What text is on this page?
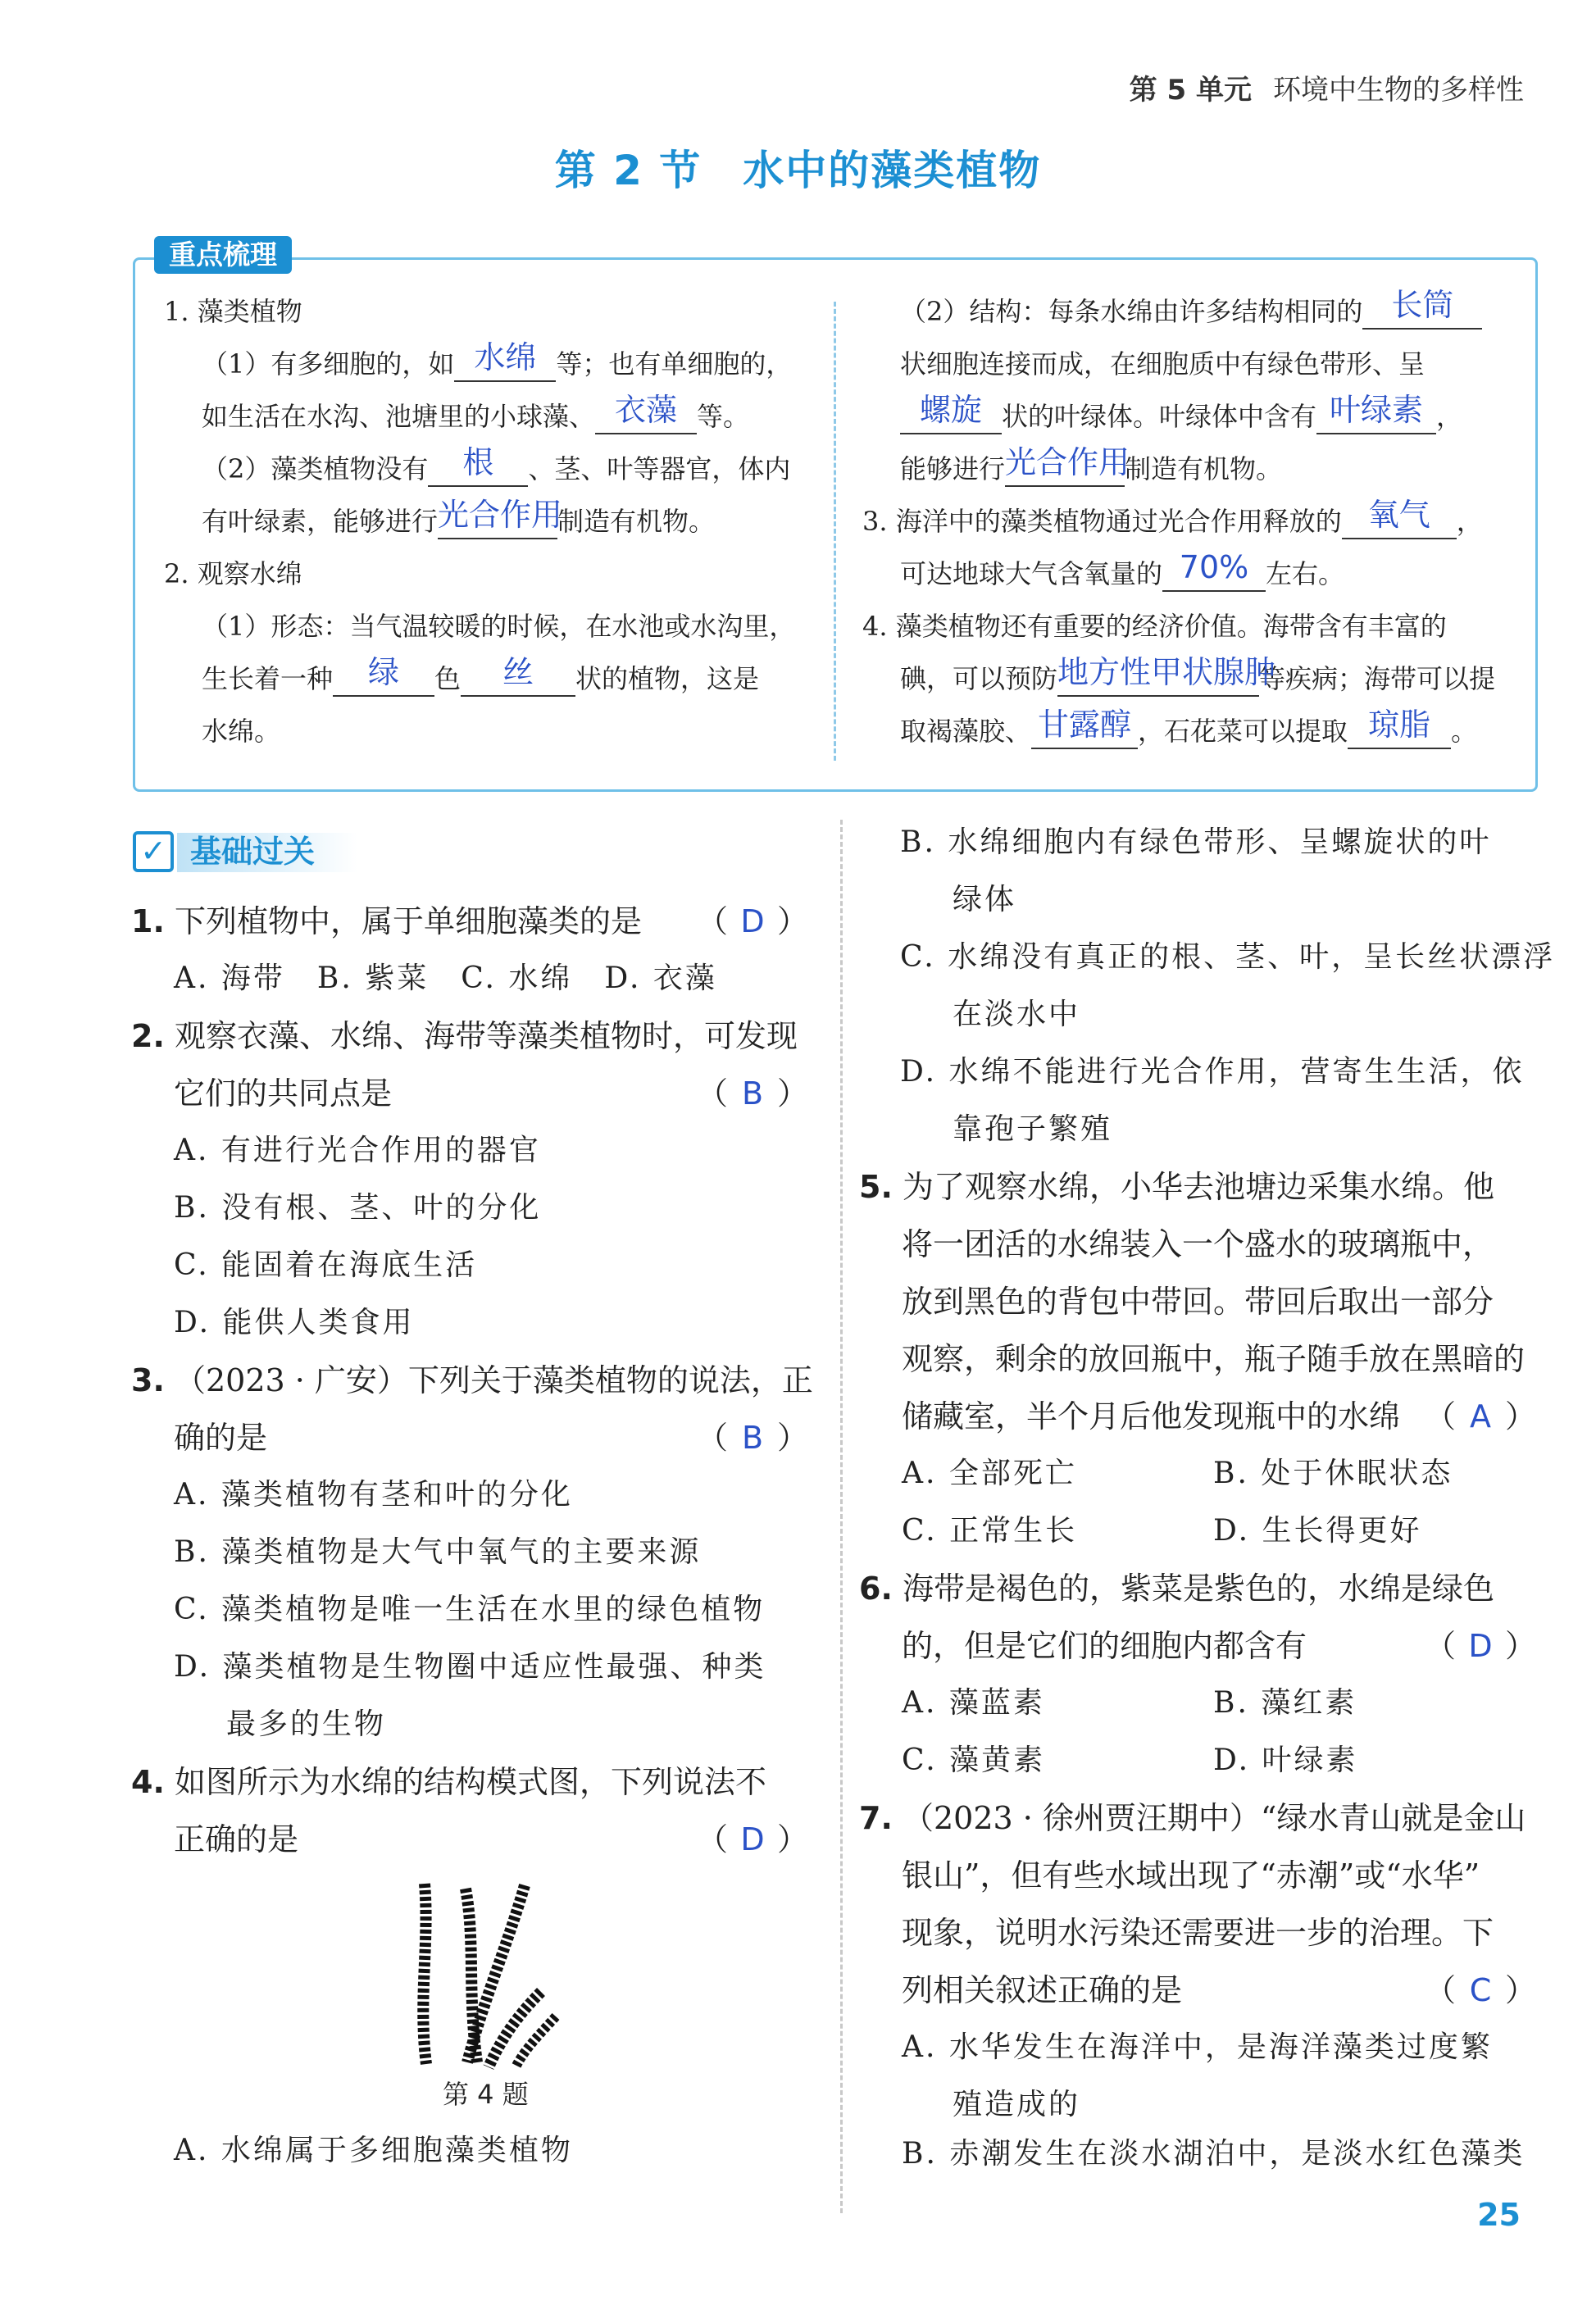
第 5 单元 环境中生物的多样性
第 2 节 水中的藻类植物
重点梳理
1. 藻类植物
（1）有多细胞的，如 水绵 等；也有单细胞的，
如生活在水沟、池塘里的小球藻、 衣藻 等。
（2）藻类植物没有	根	、茎、叶等器官，体内
有叶绿素，能够进行 光合作用
制造有机物。
2. 观察水绵
（1）形态：当气温较暖的时候，在水池或水沟里，
生长着一种	绿	色	丝	状的植物，这是
水绵。
（2）结构：每条水绵由许多结构相同的 长筒
状细胞连接而成，在细胞质中有绿色带形、呈
螺旋 状的叶绿体。叶绿体中含有 叶绿素 ，
能够进行 光合作用
制造有机物。
3. 海洋中的藻类植物通过光合作用释放的 氧气	，
可达地球大气含氧量的 70% 左右。
4. 藻类植物还有重要的经济价值。海带含有丰富的
碘，可以预防 地方性甲状腺肿
等疾病；海带可以提
取褐藻胶、 甘露醇 ，石花菜可以提取 琼脂 。
✓ 基础过关
1. 下列植物中，属于单细胞藻类的是 （ D ）
A. 海带　B. 紫菜　C. 水绵　D. 衣藻
2. 观察衣藻、水绵、海带等藻类植物时，可发现
它们的共同点是	（ B ）
A. 有进行光合作用的器官
B. 没有根、茎、叶的分化
C. 能固着在海底生活
D. 能供人类食用
3. （2023 · 广安）下列关于藻类植物的说法，正
确的是	（ B ）
A. 藻类植物有茎和叶的分化
B. 藻类植物是大气中氧气的主要来源
C. 藻类植物是唯一生活在水里的绿色植物
D. 藻类植物是生物圈中适应性最强、种类
最多的生物
4. 如图所示为水绵的结构模式图，下列说法不
正确的是	（ D ）
第 4 题
A. 水绵属于多细胞藻类植物
B. 水绵细胞内有绿色带形、呈螺旋状的叶
绿体
C. 水绵没有真正的根、茎、叶，呈长丝状漂浮
在淡水中
D. 水绵不能进行光合作用，营寄生生活，依
靠孢子繁殖
5. 为了观察水绵，小华去池塘边采集水绵。他
将一团活的水绵装入一个盛水的玻璃瓶中，
放到黑色的背包中带回。带回后取出一部分
观察，剩余的放回瓶中，瓶子随手放在黑暗的
储藏室，半个月后他发现瓶中的水绵 （ A ）
A. 全部死亡	B. 处于休眠状态
C. 正常生长	D. 生长得更好
6. 海带是褐色的，紫菜是紫色的，水绵是绿色
的，但是它们的细胞内都含有	（ D ）
A. 藻蓝素	B. 藻红素
C. 藻黄素	D. 叶绿素
7. （2023 · 徐州贾汪期中）“绿水青山就是金山
银山”，但有些水域出现了“赤潮”或“水华”
现象，说明水污染还需要进一步的治理。下
列相关叙述正确的是	（ C ）
A. 水华发生在海洋中，是海洋藻类过度繁
殖造成的
B. 赤潮发生在淡水湖泊中，是淡水红色藻类
25
